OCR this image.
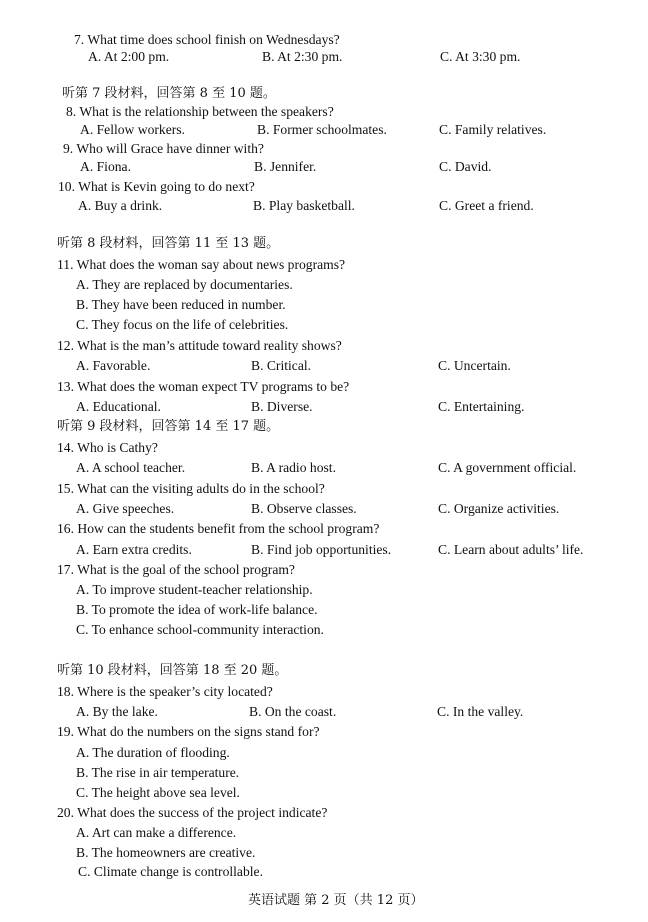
7. What time does school finish on Wednesdays?
A. At 2:00 pm.	B. At 2:30 pm.	C. At 3:30 pm.
听第 7 段材料，回答第 8 至 10 题。
8. What is the relationship between the speakers?
A. Fellow workers.	B. Former schoolmates.	C. Family relatives.
9. Who will Grace have dinner with?
A. Fiona.	B. Jennifer.	C. David.
10. What is Kevin going to do next?
A. Buy a drink.	B. Play basketball.	C. Greet a friend.
听第 8 段材料，回答第 11 至 13 题。
11. What does the woman say about news programs?
A. They are replaced by documentaries.
B. They have been reduced in number.
C. They focus on the life of celebrities.
12. What is the man’s attitude toward reality shows?
A. Favorable.	B. Critical.	C. Uncertain.
13. What does the woman expect TV programs to be?
A. Educational.	B. Diverse.	C. Entertaining.
听第 9 段材料，回答第 14 至 17 题。
14. Who is Cathy?
A. A school teacher.	B. A radio host.	C. A government official.
15. What can the visiting adults do in the school?
A. Give speeches.	B. Observe classes.	C. Organize activities.
16. How can the students benefit from the school program?
A. Earn extra credits.	B. Find job opportunities.	C. Learn about adults’ life.
17. What is the goal of the school program?
A. To improve student-teacher relationship.
B. To promote the idea of work-life balance.
C. To enhance school-community interaction.
听第 10 段材料，回答第 18 至 20 题。
18. Where is the speaker’s city located?
A. By the lake.	B. On the coast.	C. In the valley.
19. What do the numbers on the signs stand for?
A. The duration of flooding.
B. The rise in air temperature.
C. The height above sea level.
20. What does the success of the project indicate?
A. Art can make a difference.
B. The homeowners are creative.
C. Climate change is controllable.
英语试题 第 2 页（共 12 页）
